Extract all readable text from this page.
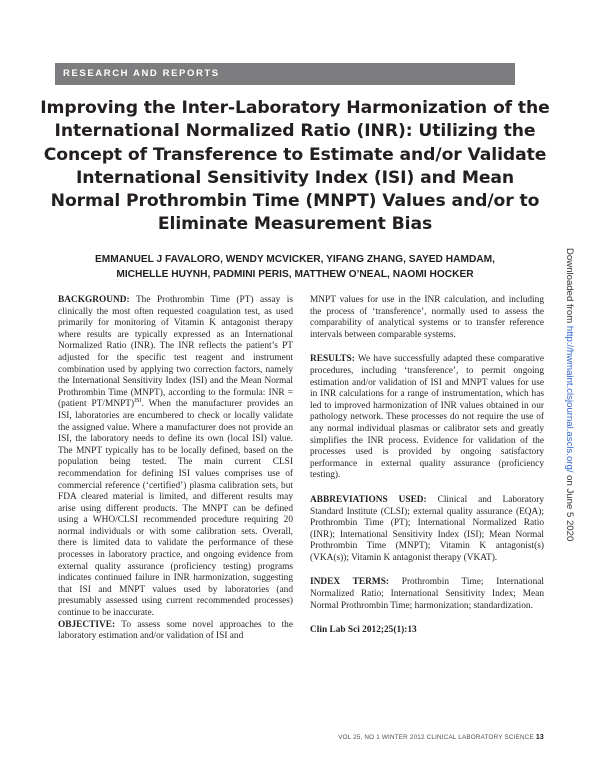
RESEARCH AND REPORTS
Improving the Inter-Laboratory Harmonization of the International Normalized Ratio (INR): Utilizing the Concept of Transference to Estimate and/or Validate International Sensitivity Index (ISI) and Mean Normal Prothrombin Time (MNPT) Values and/or to Eliminate Measurement Bias
EMMANUEL J FAVALORO, WENDY MCVICKER, YIFANG ZHANG, SAYED HAMDAM,
MICHELLE HUYNH, PADMINI PERIS, MATTHEW O’NEAL, NAOMI HOCKER

BACKGROUND: The Prothrombin Time (PT) assay is clinically the most often requested coagulation test, as used primarily for monitoring of Vitamin K antagonist therapy where results are typically expressed as an International Normalized Ratio (INR). The INR reflects the patient’s PT adjusted for the specific test reagent and instrument combination used by applying two correction factors, namely the International Sensitivity Index (ISI) and the Mean Normal Prothrombin Time (MNPT), according to the formula: INR = (patient PT/MNPT)$^{ISI}$. When the manufacturer provides an ISI, laboratories are encumbered to check or locally validate the assigned value. Where a manufacturer does not provide an ISI, the laboratory needs to define its own (local ISI) value. The MNPT typically has to be locally defined, based on the population being tested. The main current CLSI recommendation for defining ISI values comprises use of commercial reference (‘certified’) plasma calibration sets, but FDA cleared material is limited, and different results may arise using different products. The MNPT can be defined using a WHO/CLSI recommended procedure requiring 20 normal individuals or with some calibration sets. Overall, there is limited data to validate the performance of these processes in laboratory practice, and ongoing evidence from external quality assurance (proficiency testing) programs indicates continued failure in INR harmonization, suggesting that ISI and MNPT values used by laboratories (and presumably assessed using current recommended processes) continue to be inaccurate.

OBJECTIVE: To assess some novel approaches to the laboratory estimation and/or validation of ISI and

MNPT values for use in the INR calculation, and including the process of ‘transference’, normally used to assess the comparability of analytical systems or to transfer reference intervals between comparable systems.

RESULTS: We have successfully adapted these comparative procedures, including ‘transference’, to permit ongoing estimation and/or validation of ISI and MNPT values for use in INR calculations for a range of instrumentation, which has led to improved harmonization of INR values obtained in our pathology network. These processes do not require the use of any normal individual plasmas or calibrator sets and greatly simplifies the INR process. Evidence for validation of the processes used is provided by ongoing satisfactory performance in external quality assurance (proficiency testing).

ABBREVIATIONS USED: Clinical and Laboratory Standard Institute (CLSI); external quality assurance (EQA); Prothrombin Time (PT); International Normalized Ratio (INR); International Sensitivity Index (ISI); Mean Normal Prothrombin Time (MNPT); Vitamin K antagonist(s) (VKA(s)); Vitamin K antagonist therapy (VKAT).

INDEX TERMS: Prothrombin Time; International Normalized Ratio; International Sensitivity Index; Mean Normal Prothrombin Time; harmonization; standardization.

Clin Lab Sci 2012;25(1):13

VOL 25, NO 1 WINTER 2012 CLINICAL LABORATORY SCIENCE 13
Downloaded from http://hwmaint.clsjournal.ascls.org/ on June 5 2020
